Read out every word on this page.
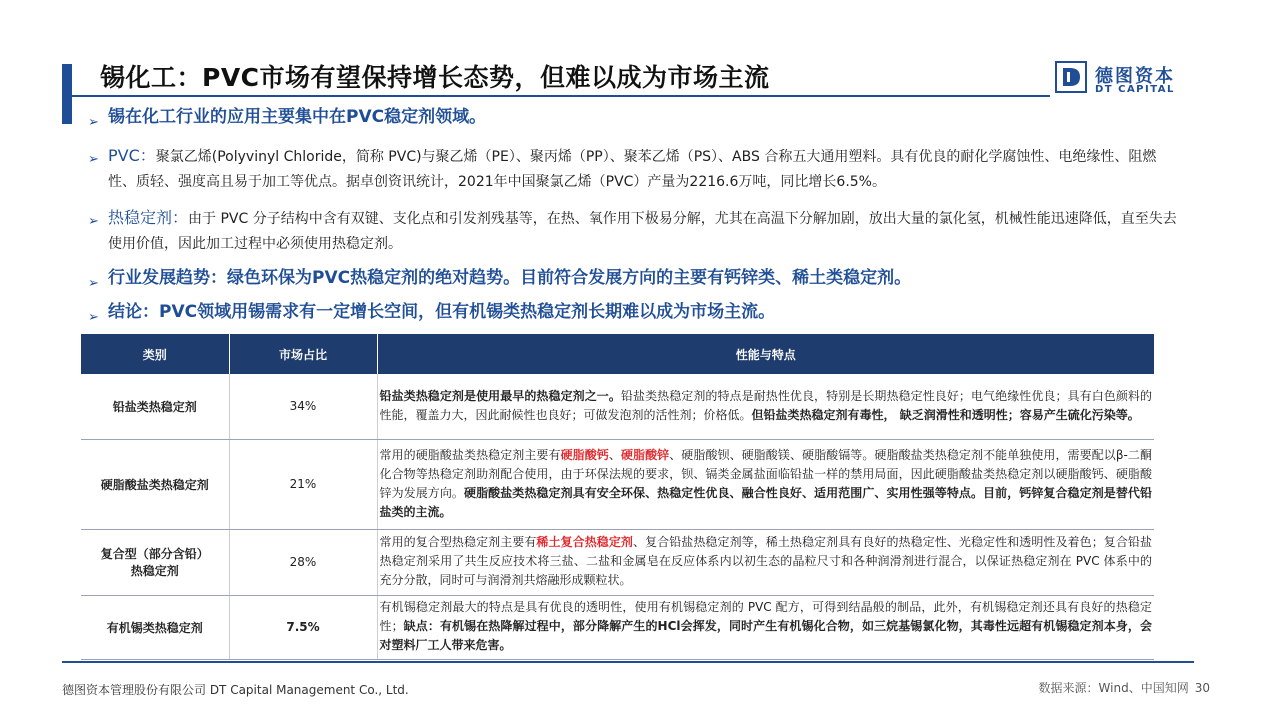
锡化工：PVC市场有望保持增长态势，但难以成为市场主流	德图资本
DT CAPITAL
➢ 锡在化工行业的应用主要集中在PVC稳定剂领域。
➢ PVC：聚氯乙烯(Polyvinyl Chloride，简称 PVC)与聚乙烯（PE）、聚丙烯（PP）、聚苯乙烯（PS）、ABS 合称五大通用塑料。具有优良的耐化学腐蚀性、电绝缘性、阻燃性、质轻、强度高且易于加工等优点。据卓创资讯统计，2021年中国聚氯乙烯（PVC）产量为2216.6万吨，同比增长6.5%。
➢ 热稳定剂：由于 PVC 分子结构中含有双键、支化点和引发剂残基等，在热、氧作用下极易分解，尤其在高温下分解加剧，放出大量的氯化氢，机械性能迅速降低，直至失去使用价值，因此加工过程中必须使用热稳定剂。
➢ 行业发展趋势：绿色环保为PVC热稳定剂的绝对趋势。目前符合发展方向的主要有钙锌类、稀土类稳定剂。
➢ 结论：PVC领域用锡需求有一定增长空间，但有机锡类热稳定剂长期难以成为市场主流。
类别	市场占比	性能与特点
铅盐类热稳定剂	34%	铅盐类热稳定剂是使用最早的热稳定剂之一。铅盐类热稳定剂的特点是耐热性优良，特别是长期热稳定性良好；电气绝缘性优良；具有白色颜料的性能，覆盖力大，因此耐候性也良好；可做发泡剂的活性剂；价格低。但铅盐类热稳定剂有毒性， 缺乏润滑性和透明性；容易产生硫化污染等。
硬脂酸盐类热稳定剂	21%	常用的硬脂酸盐类热稳定剂主要有硬脂酸钙、硬脂酸锌、硬脂酸钡、硬脂酸镁、硬脂酸镉等。硬脂酸盐类热稳定剂不能单独使用，需要配以β-二酮化合物等热稳定剂助剂配合使用，由于环保法规的要求，钡、镉类金属盐面临铅盐一样的禁用局面，因此硬脂酸盐类热稳定剂以硬脂酸钙、硬脂酸锌为发展方向。硬脂酸盐类热稳定剂具有安全环保、热稳定性优良、融合性良好、适用范围广、实用性强等特点。目前，钙锌复合稳定剂是替代铅盐类的主流。
复合型（部分含铅）
热稳定剂	28%	常用的复合型热稳定剂主要有稀土复合热稳定剂、复合铅盐热稳定剂等，稀土热稳定剂具有良好的热稳定性、光稳定性和透明性及着色；复合铅盐热稳定剂采用了共生反应技术将三盐、二盐和金属皂在反应体系内以初生态的晶粒尺寸和各种润滑剂进行混合，以保证热稳定剂在 PVC 体系中的充分分散，同时可与润滑剂共熔融形成颗粒状。
有机锡类热稳定剂	7.5%	有机锡稳定剂最大的特点是具有优良的透明性，使用有机锡稳定剂的 PVC 配方，可得到结晶般的制品，此外，有机锡稳定剂还具有良好的热稳定性；缺点：有机锡在热降解过程中，部分降解产生的HCl会挥发，同时产生有机锡化合物，如三烷基锡氯化物，其毒性远超有机锡稳定剂本身，会对塑料厂工人带来危害。
德图资本管理股份有限公司 DT Capital Management Co., Ltd.	数据来源：Wind、中国知网 30
